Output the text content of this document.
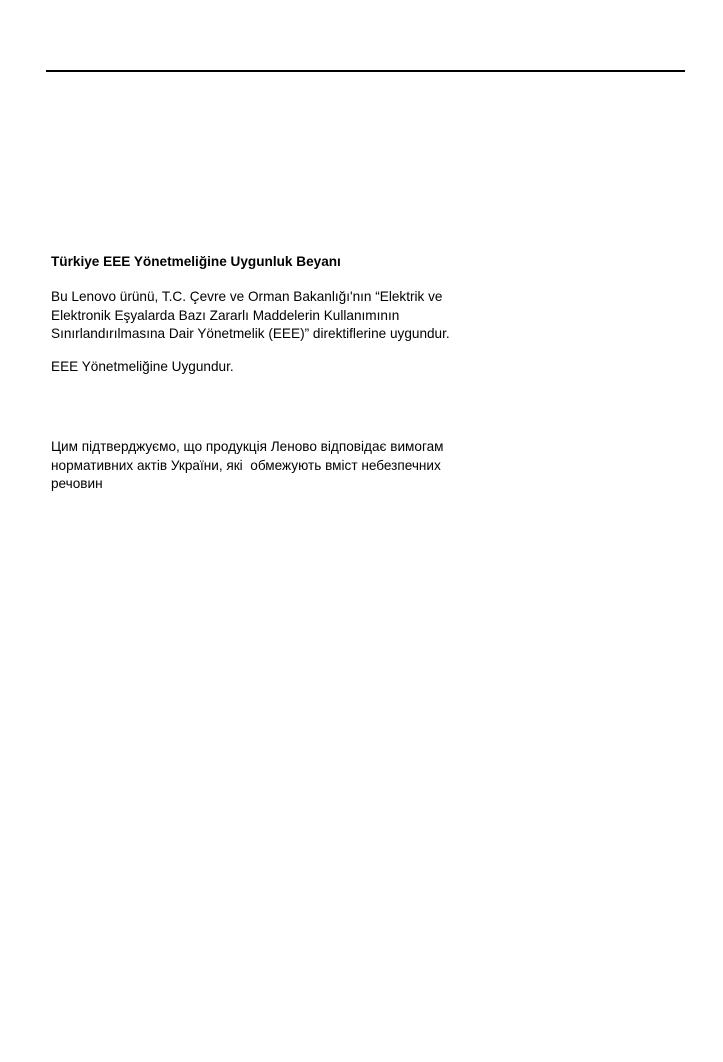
Türkiye EEE Yönetmeliğine Uygunluk Beyanı
Bu Lenovo ürünü, T.C. Çevre ve Orman Bakanlığı'nın “Elektrik ve
Elektronik Eşyalarda Bazı Zararlı Maddelerin Kullanımının
Sınırlandırılmasına Dair Yönetmelik (EEE)” direktiflerine uygundur.
EEE Yönetmeliğine Uygundur.
Цим підтверджуємо, що продукція Леново відповідає вимогам
нормативних актів України, які  обмежують вміст небезпечних
речовин
